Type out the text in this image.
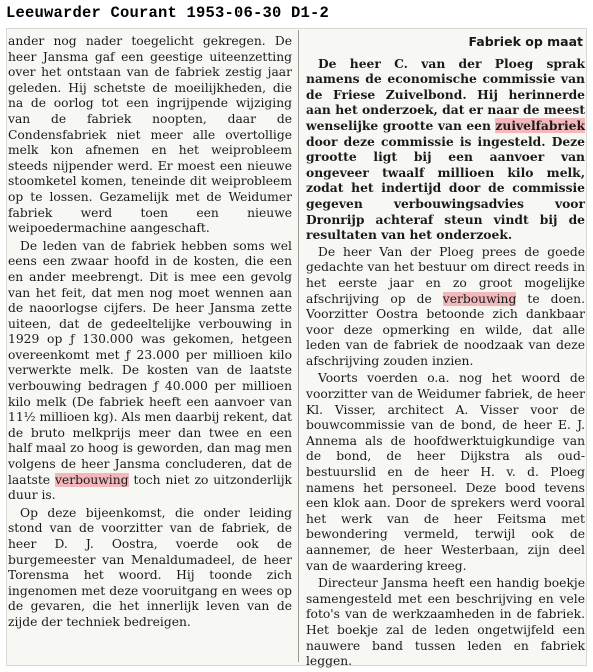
Leeuwarder Courant 1953-06-30 D1-2

ander nog nader toegelicht gekregen. De heer Jansma gaf een geestige uiteenzetting over het ontstaan van de fabriek zestig jaar geleden. Hij schetste de moeilijkheden, die na de oorlog tot een ingrijpende wijziging van de fabriek noopten, daar de Condensfabriek niet meer alle overtollige melk kon afnemen en het weiprobleem steeds nijpender werd. Er moest een nieuwe stoomketel komen, teneinde dit weiprobleem op te lossen. Gezamelijk met de Weidumer fabriek werd toen een nieuwe weipoedermachine aangeschaft.

De leden van de fabriek hebben soms wel eens een zwaar hoofd in de kosten, die een en ander meebrengt. Dit is mee een gevolg van het feit, dat men nog moet wennen aan de naoorlogse cijfers. De heer Jansma zette uiteen, dat de gedeeltelijke verbouwing in 1929 op ƒ 130.000 was gekomen, hetgeen overeenkomt met ƒ 23.000 per millioen kilo verwerkte melk. De kosten van de laatste verbouwing bedragen ƒ 40.000 per millioen kilo melk (De fabriek heeft een aanvoer van 11½ millioen kg). Als men daarbij rekent, dat de bruto melkprijs meer dan twee en een half maal zo hoog is geworden, dan mag men volgens de heer Jansma concluderen, dat de laatste verbouwing toch niet zo uitzonderlijk duur is.

Op deze bijeenkomst, die onder leiding stond van de voorzitter van de fabriek, de heer D. J. Oostra, voerde ook de burgemeester van Menaldumadeel, de heer Torensma het woord. Hij toonde zich ingenomen met deze vooruitgang en wees op de gevaren, die het innerlijk leven van de zijde der techniek bedreigen.

Fabriek op maat

De heer C. van der Ploeg sprak namens de economische commissie van de Friese Zuivelbond. Hij herinnerde aan het onderzoek, dat er naar de meest wenselijke grootte van een zuivelfabriek door deze commissie is ingesteld. Deze grootte ligt bij een aanvoer van ongeveer twaalf millioen kilo melk, zodat het indertijd door de commissie gegeven verbouwingsadvies voor Dronrijp achteraf steun vindt bij de resultaten van het onderzoek.

De heer Van der Ploeg prees de goede gedachte van het bestuur om direct reeds in het eerste jaar en zo groot mogelijke afschrijving op de verbouwing te doen. Voorzitter Oostra betoonde zich dankbaar voor deze opmerking en wilde, dat alle leden van de fabriek de noodzaak van deze afschrijving zouden inzien.

Voorts voerden o.a. nog het woord de voorzitter van de Weidumer fabriek, de heer Kl. Visser, architect A. Visser voor de bouwcommissie van de bond, de heer E. J. Annema als de hoofdwerktuigkundige van de bond, de heer Dijkstra als oud-bestuurslid en de heer H. v. d. Ploeg namens het personeel. Deze bood tevens een klok aan. Door de sprekers werd vooral het werk van de heer Feitsma met bewondering vermeld, terwijl ook de aannemer, de heer Westerbaan, zijn deel van de waardering kreeg.

Directeur Jansma heeft een handig boekje samengesteld met een beschrijving en vele foto's van de werkzaamheden in de fabriek. Het boekje zal de leden ongetwijfeld een nauwere band tussen leden en fabriek leggen.
